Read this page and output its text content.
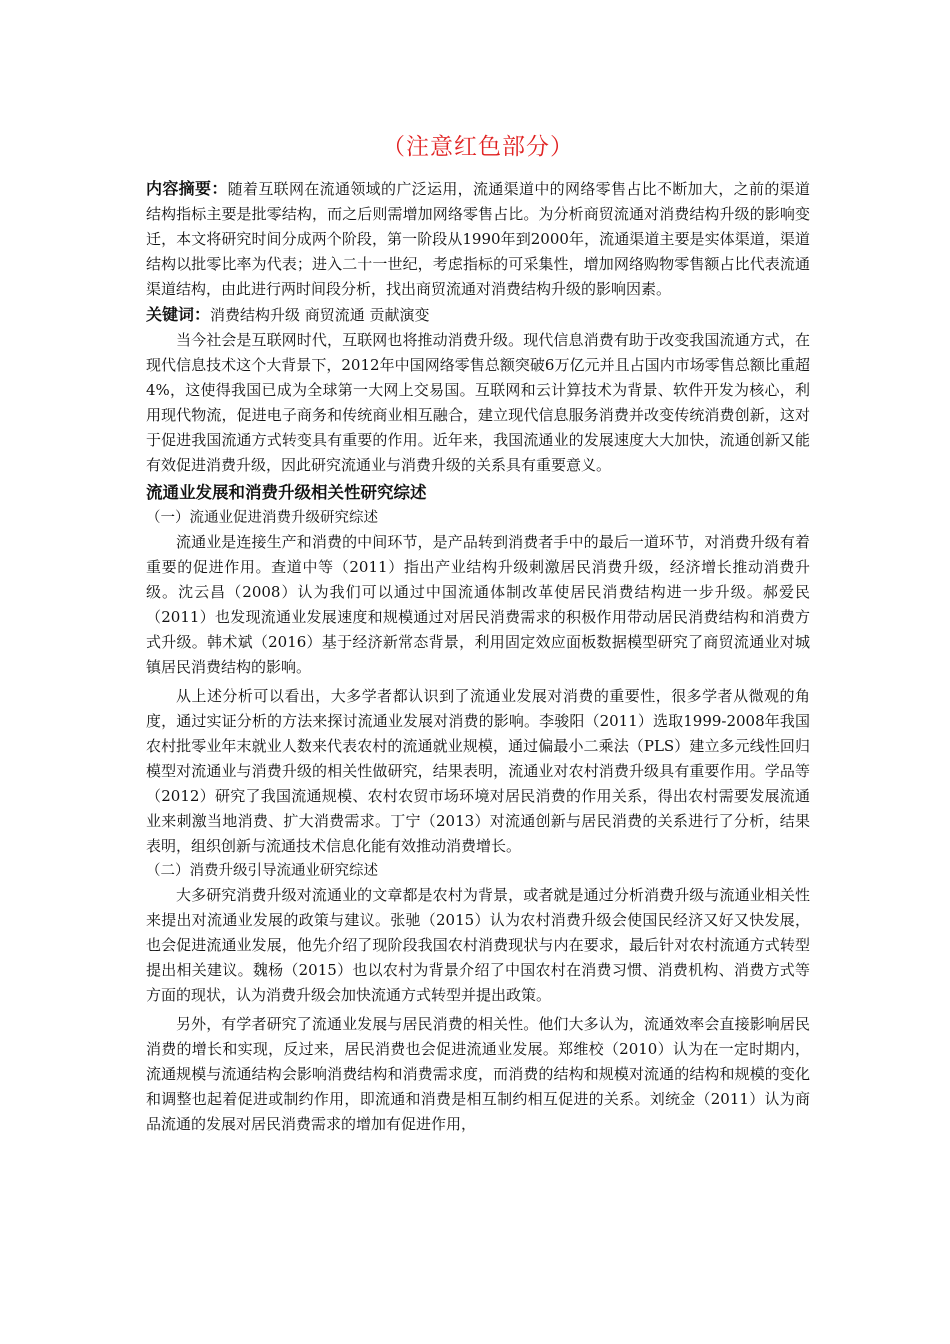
（注意红色部分）

内容摘要：随着互联网在流通领域的广泛运用，流通渠道中的网络零售占比不断加大，之前的渠道结构指标主要是批零结构，而之后则需增加网络零售占比。为分析商贸流通对消费结构升级的影响变迁，本文将研究时间分成两个阶段，第一阶段从1990年到2000年，流通渠道主要是实体渠道，渠道结构以批零比率为代表；进入二十一世纪，考虑指标的可采集性，增加网络购物零售额占比代表流通渠道结构，由此进行两时间段分析，找出商贸流通对消费结构升级的影响因素。

关键词：消费结构升级 商贸流通 贡献演变

当今社会是互联网时代，互联网也将推动消费升级。现代信息消费有助于改变我国流通方式，在现代信息技术这个大背景下，2012年中国网络零售总额突破6万亿元并且占国内市场零售总额比重超4%，这使得我国已成为全球第一大网上交易国。互联网和云计算技术为背景、软件开发为核心，利用现代物流，促进电子商务和传统商业相互融合，建立现代信息服务消费并改变传统消费创新，这对于促进我国流通方式转变具有重要的作用。近年来，我国流通业的发展速度大大加快，流通创新又能有效促进消费升级，因此研究流通业与消费升级的关系具有重要意义。

流通业发展和消费升级相关性研究综述
（一）流通业促进消费升级研究综述

流通业是连接生产和消费的中间环节，是产品转到消费者手中的最后一道环节，对消费升级有着重要的促进作用。查道中等（2011）指出产业结构升级刺激居民消费升级，经济增长推动消费升级。沈云昌（2008）认为我们可以通过中国流通体制改革使居民消费结构进一步升级。郝爱民（2011）也发现流通业发展速度和规模通过对居民消费需求的积极作用带动居民消费结构和消费方式升级。韩术斌（2016）基于经济新常态背景，利用固定效应面板数据模型研究了商贸流通业对城镇居民消费结构的影响。

从上述分析可以看出，大多学者都认识到了流通业发展对消费的重要性，很多学者从微观的角度，通过实证分析的方法来探讨流通业发展对消费的影响。李骏阳（2011）选取1999-2008年我国农村批零业年末就业人数来代表农村的流通就业规模，通过偏最小二乘法（PLS）建立多元线性回归模型对流通业与消费升级的相关性做研究，结果表明，流通业对农村消费升级具有重要作用。学品等（2012）研究了我国流通规模、农村农贸市场环境对居民消费的作用关系，得出农村需要发展流通业来刺激当地消费、扩大消费需求。丁宁（2013）对流通创新与居民消费的关系进行了分析，结果表明，组织创新与流通技术信息化能有效推动消费增长。

（二）消费升级引导流通业研究综述

大多研究消费升级对流通业的文章都是农村为背景，或者就是通过分析消费升级与流通业相关性来提出对流通业发展的政策与建议。张驰（2015）认为农村消费升级会使国民经济又好又快发展，也会促进流通业发展，他先介绍了现阶段我国农村消费现状与内在要求，最后针对农村流通方式转型提出相关建议。魏杨（2015）也以农村为背景介绍了中国农村在消费习惯、消费机构、消费方式等方面的现状，认为消费升级会加快流通方式转型并提出政策。

另外，有学者研究了流通业发展与居民消费的相关性。他们大多认为，流通效率会直接影响居民消费的增长和实现，反过来，居民消费也会促进流通业发展。郑维校（2010）认为在一定时期内，流通规模与流通结构会影响消费结构和消费需求度，而消费的结构和规模对流通的结构和规模的变化和调整也起着促进或制约作用，即流通和消费是相互制约相互促进的关系。刘统金（2011）认为商品流通的发展对居民消费需求的增加有促进作用，
